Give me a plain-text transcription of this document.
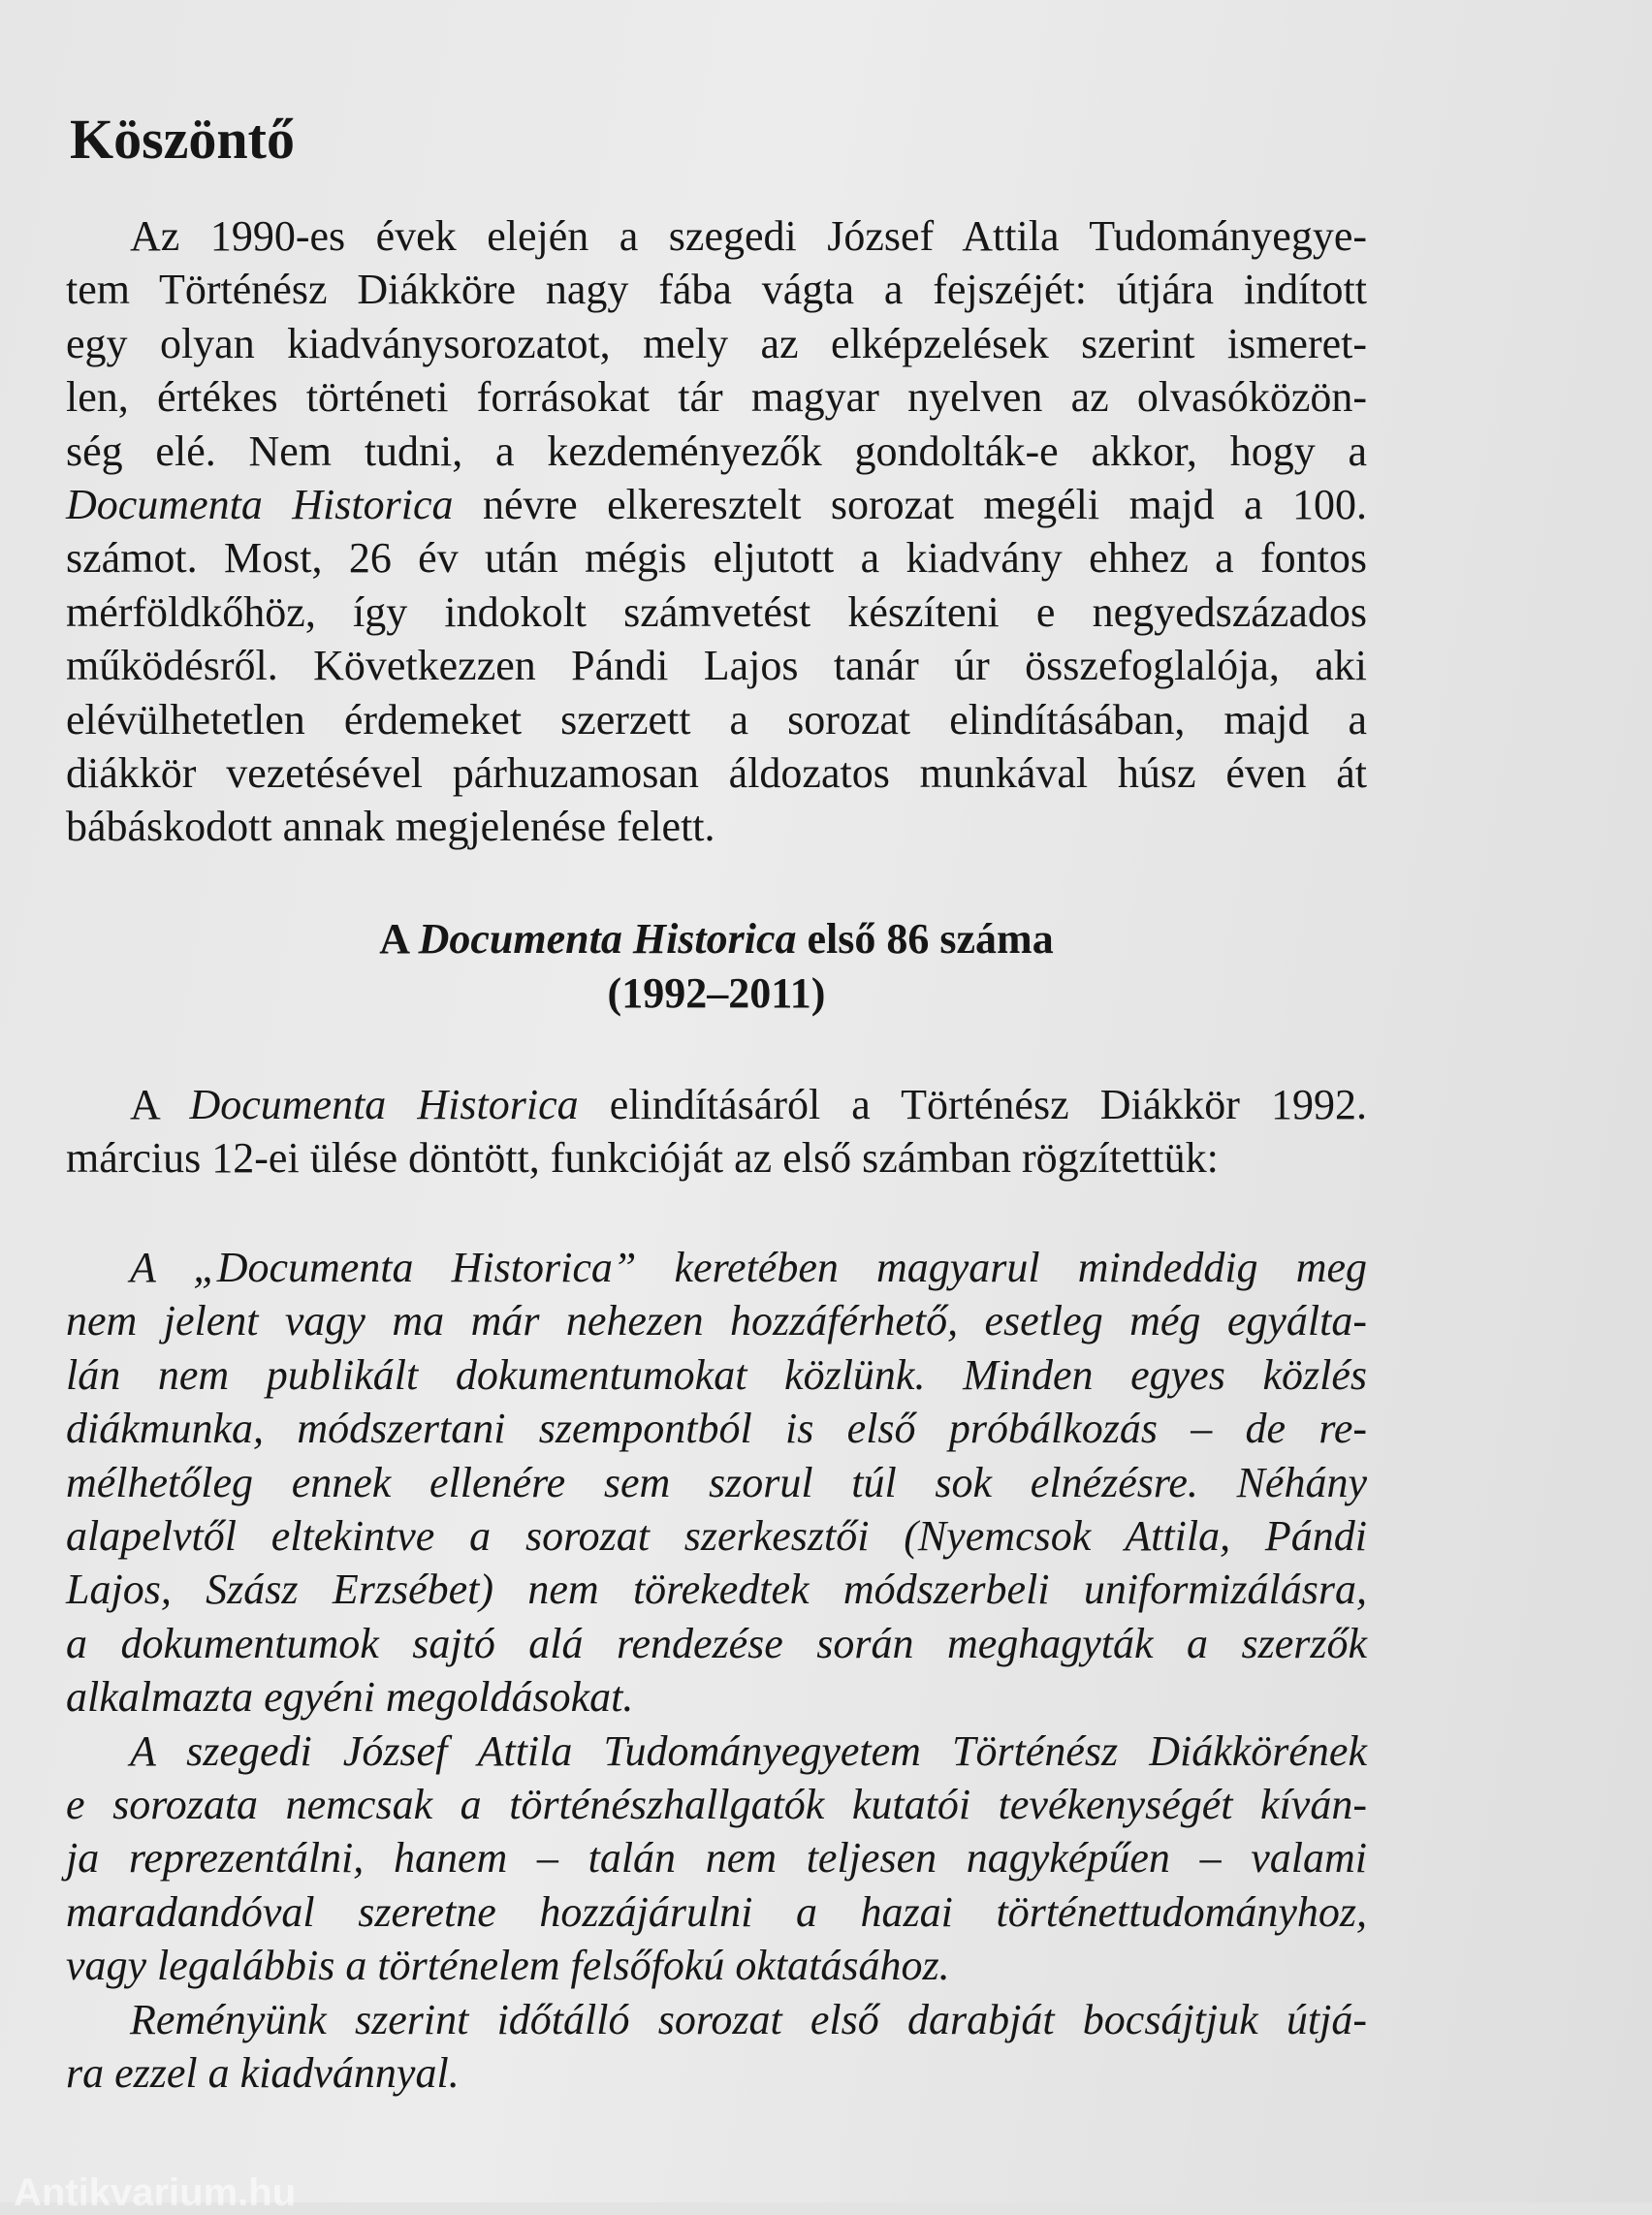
Köszöntő
Az 1990-es évek elején a szegedi József Attila Tudományegye-
tem Történész Diákköre nagy fába vágta a fejszéjét: útjára indított
egy olyan kiadványsorozatot, mely az elképzelések szerint ismeret-
len, értékes történeti forrásokat tár magyar nyelven az olvasóközön-
ség elé. Nem tudni, a kezdeményezők gondolták-e akkor, hogy a
Documenta Historica névre elkeresztelt sorozat megéli majd a 100.
számot. Most, 26 év után mégis eljutott a kiadvány ehhez a fontos
mérföldkőhöz, így indokolt számvetést készíteni e negyedszázados
működésről. Következzen Pándi Lajos tanár úr összefoglalója, aki
elévülhetetlen érdemeket szerzett a sorozat elindításában, majd a
diákkör vezetésével párhuzamosan áldozatos munkával húsz éven át
bábáskodott annak megjelenése felett.

A Documenta Historica első 86 száma

(1992–2011)

A Documenta Historica elindításáról a Történész Diákkör 1992.
március 12-ei ülése döntött, funkcióját az első számban rögzítettük:
A „Documenta Historica” keretében magyarul mindeddig meg
nem jelent vagy ma már nehezen hozzáférhető, esetleg még egyálta-
lán nem publikált dokumentumokat közlünk. Minden egyes közlés
diákmunka, módszertani szempontból is első próbálkozás – de re-
mélhetőleg ennek ellenére sem szorul túl sok elnézésre. Néhány
alapelvtől eltekintve a sorozat szerkesztői (Nyemcsok Attila, Pándi
Lajos, Szász Erzsébet) nem törekedtek módszerbeli uniformizálásra,
a dokumentumok sajtó alá rendezése során meghagyták a szerzők
alkalmazta egyéni megoldásokat.
A szegedi József Attila Tudományegyetem Történész Diákkörének
e sorozata nemcsak a történészhallgatók kutatói tevékenységét kíván-
ja reprezentálni, hanem – talán nem teljesen nagyképűen – valami
maradandóval szeretne hozzájárulni a hazai történettudományhoz,
vagy legalábbis a történelem felsőfokú oktatásához.
Reményünk szerint időtálló sorozat első darabját bocsájtjuk útjá-
ra ezzel a kiadvánnyal.
Antikvarium.hu
